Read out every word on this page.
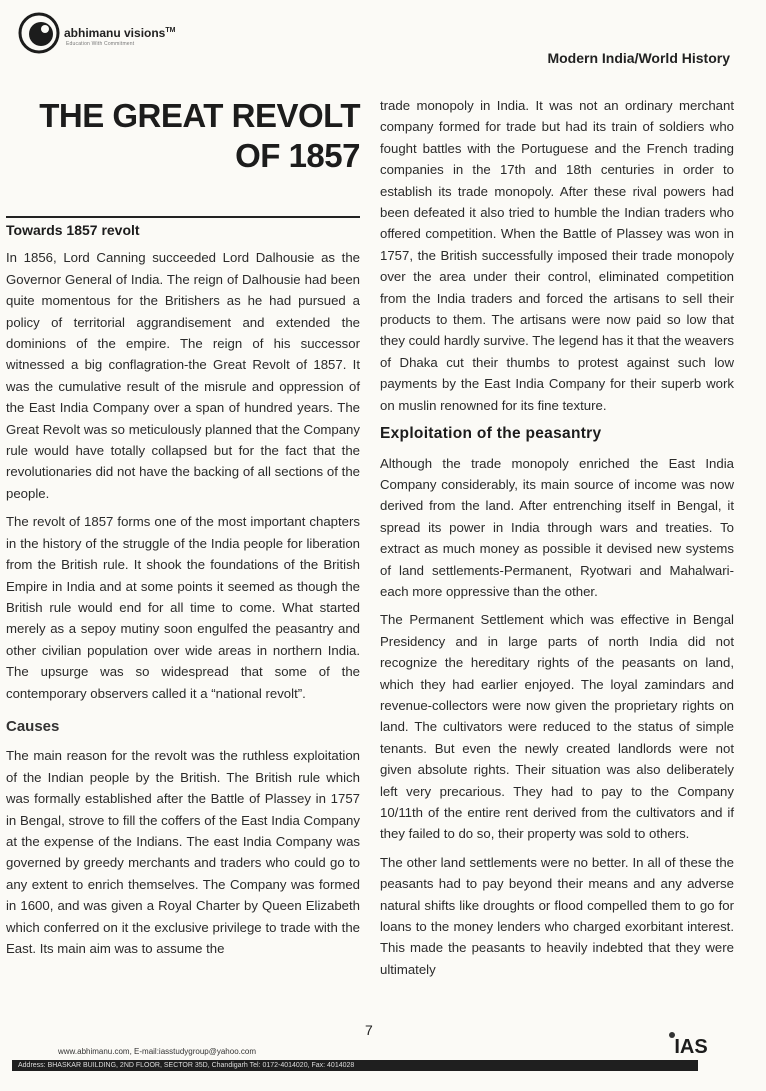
abhimanu visions™
Education With Commitment
Modern India/World History
THE GREAT REVOLT
OF 1857
Towards 1857 revolt

In 1856, Lord Canning succeeded Lord Dalhousie as the Governor General of India. The reign of Dalhousie had been quite momentous for the Britishers as he had pursued a policy of territorial aggrandisement and extended the dominions of the empire. The reign of his successor witnessed a big conflagration-the Great Revolt of 1857. It was the cumulative result of the misrule and oppression of the East India Company over a span of hundred years. The Great Revolt was so meticulously planned that the Company rule would have totally collapsed but for the fact that the revolutionaries did not have the backing of all sections of the people.

The revolt of 1857 forms one of the most important chapters in the history of the struggle of the India people for liberation from the British rule. It shook the foundations of the British Empire in India and at some points it seemed as though the British rule would end for all time to come. What started merely as a sepoy mutiny soon engulfed the peasantry and other civilian population over wide areas in northern India. The upsurge was so widespread that some of the contemporary observers called it a “national revolt”.

Causes

The main reason for the revolt was the ruthless exploitation of the Indian people by the British. The British rule which was formally established after the Battle of Plassey in 1757 in Bengal, strove to fill the coffers of the East India Company at the expense of the Indians. The east India Company was governed by greedy merchants and traders who could go to any extent to enrich themselves. The Company was formed in 1600, and was given a Royal Charter by Queen Elizabeth which conferred on it the exclusive privilege to trade with the East. Its main aim was to assume the

trade monopoly in India. It was not an ordinary merchant company formed for trade but had its train of soldiers who fought battles with the Portuguese and the French trading companies in the 17th and 18th centuries in order to establish its trade monopoly. After these rival powers had been defeated it also tried to humble the Indian traders who offered competition. When the Battle of Plassey was won in 1757, the British successfully imposed their trade monopoly over the area under their control, eliminated competition from the India traders and forced the artisans to sell their products to them. The artisans were now paid so low that they could hardly survive. The legend has it that the weavers of Dhaka cut their thumbs to protest against such low payments by the East India Company for their superb work on muslin renowned for its fine texture.

Exploitation of the peasantry

Although the trade monopoly enriched the East India Company considerably, its main source of income was now derived from the land. After entrenching itself in Bengal, it spread its power in India through wars and treaties. To extract as much money as possible it devised new systems of land settlements-Permanent, Ryotwari and Mahalwari-each more oppressive than the other.

The Permanent Settlement which was effective in Bengal Presidency and in large parts of north India did not recognize the hereditary rights of the peasants on land, which they had earlier enjoyed. The loyal zamindars and revenue-collectors were now given the proprietary rights on land. The cultivators were reduced to the status of simple tenants. But even the newly created landlords were not given absolute rights. Their situation was also deliberately left very precarious. They had to pay to the Company 10/11th of the entire rent derived from the cultivators and if they failed to do so, their property was sold to others.

The other land settlements were no better. In all of these the peasants had to pay beyond their means and any adverse natural shifts like droughts or flood compelled them to go for loans to the money lenders who charged exorbitant interest. This made the peasants to heavily indebted that they were ultimately

7
www.abhimanu.com, E-mail:iasstudygroup@yahoo.com	IAS
Address: BHASKAR BUILDING, 2ND FLOOR, SECTOR 35D, Chandigarh Tel: 0172-4014020, Fax: 4014028
